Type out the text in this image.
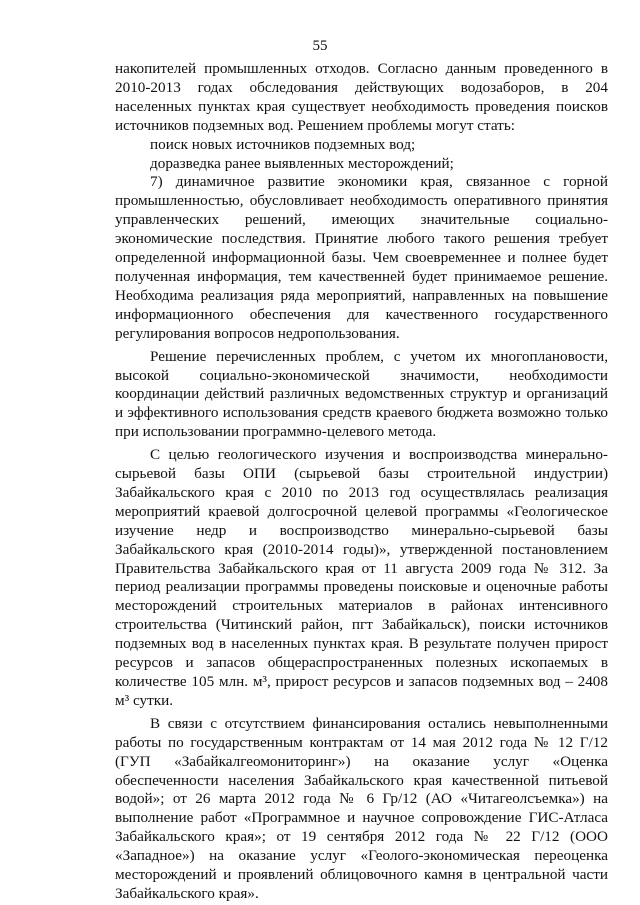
55

накопителей промышленных отходов. Согласно данным проведенного в 2010-2013 годах обследования действующих водозаборов, в 204 населенных пунктах края существует необходимость проведения поисков источников подземных вод. Решением проблемы могут стать:

поиск новых источников подземных вод;

доразведка ранее выявленных месторождений;

7) динамичное развитие экономики края, связанное с горной промышленностью, обусловливает необходимость оперативного принятия управленческих решений, имеющих значительные социально-экономические последствия. Принятие любого такого решения требует определенной информационной базы. Чем своевременнее и полнее будет полученная информация, тем качественней будет принимаемое решение. Необходима реализация ряда мероприятий, направленных на повышение информационного обеспечения для качественного государственного регулирования вопросов недропользования.

Решение перечисленных проблем, с учетом их многоплановости, высокой социально-экономической значимости, необходимости координации действий различных ведомственных структур и организаций и эффективного использования средств краевого бюджета возможно только при использовании программно-целевого метода.

С целью геологического изучения и воспроизводства минерально-сырьевой базы ОПИ (сырьевой базы строительной индустрии) Забайкальского края с 2010 по 2013 год осуществлялась реализация мероприятий краевой долгосрочной целевой программы «Геологическое изучение недр и воспроизводство минерально-сырьевой базы Забайкальского края (2010-2014 годы)», утвержденной постановлением Правительства Забайкальского края от 11 августа 2009 года № 312. За период реализации программы проведены поисковые и оценочные работы месторождений строительных материалов в районах интенсивного строительства (Читинский район, пгт Забайкальск), поиски источников подземных вод в населенных пунктах края. В результате получен прирост ресурсов и запасов общераспространенных полезных ископаемых в количестве 105 млн. м³, прирост ресурсов и запасов подземных вод – 2408 м³ сутки.

В связи с отсутствием финансирования остались невыполненными работы по государственным контрактам от 14 мая 2012 года № 12 Г/12 (ГУП «Забайкалгеомониторинг») на оказание услуг «Оценка обеспеченности населения Забайкальского края качественной питьевой водой»; от 26 марта 2012 года № 6 Гр/12 (АО «Читагеолсъемка») на выполнение работ «Программное и научное сопровождение ГИС-Атласа Забайкальского края»; от 19 сентября 2012 года № 22 Г/12 (ООО «Западное») на оказание услуг «Геолого-экономическая переоценка месторождений и проявлений облицовочного камня в центральной части Забайкальского края».
